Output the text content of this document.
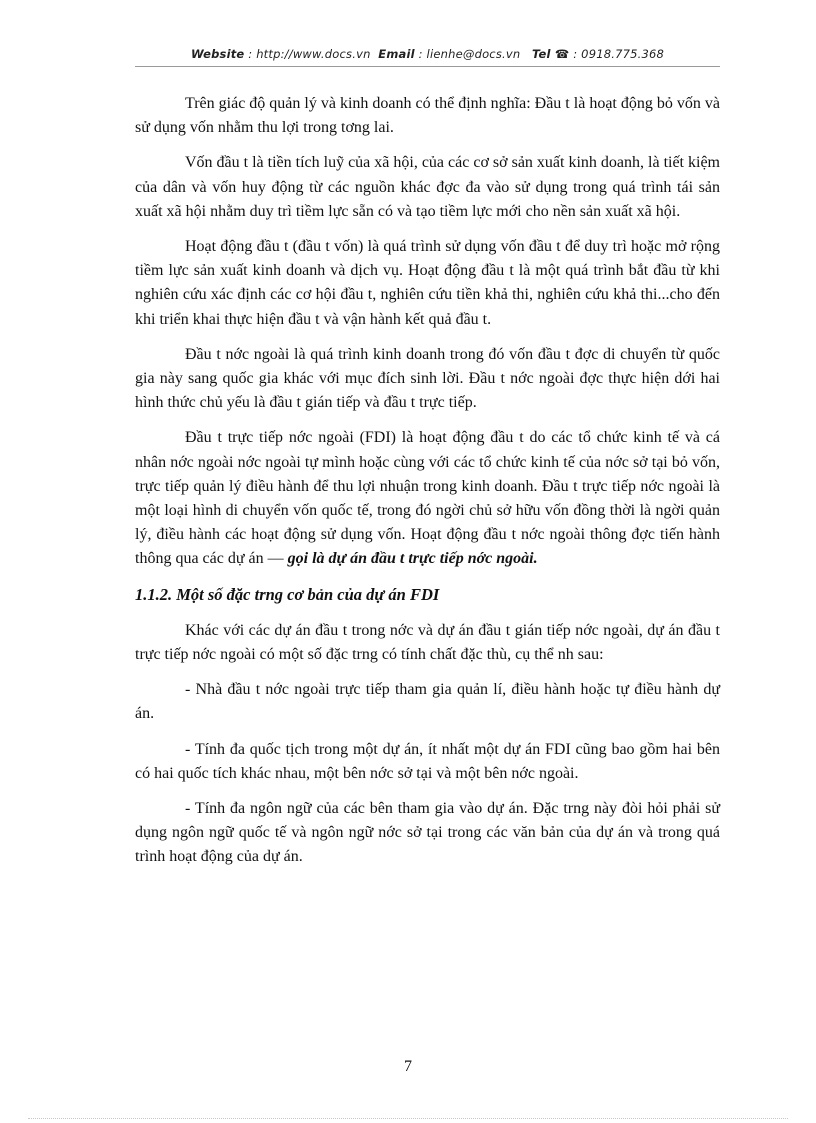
Website : http://www.docs.vn Email : lienhe@docs.vn Tel ☎ : 0918.775.368

Trên giác độ quản lý và kinh doanh có thể định nghĩa: Đầu t là hoạt động bỏ vốn và sử dụng vốn nhằm thu lợi trong tơng lai.

Vốn đầu t là tiền tích luỹ của xã hội, của các cơ sở sản xuất kinh doanh, là tiết kiệm của dân và vốn huy động từ các nguồn khác đợc đa vào sử dụng trong quá trình tái sản xuất xã hội nhằm duy trì tiềm lực sẵn có và tạo tiềm lực mới cho nền sản xuất xã hội.

Hoạt động đầu t (đầu t vốn) là quá trình sử dụng vốn đầu t để duy trì hoặc mở rộng tiềm lực sản xuất kinh doanh và dịch vụ. Hoạt động đầu t là một quá trình bắt đầu từ khi nghiên cứu xác định các cơ hội đầu t, nghiên cứu tiền khả thi, nghiên cứu khả thi...cho đến khi triển khai thực hiện đầu t và vận hành kết quả đầu t.

Đầu t nớc ngoài là quá trình kinh doanh trong đó vốn đầu t đợc di chuyển từ quốc gia này sang quốc gia khác với mục đích sinh lời. Đầu t nớc ngoài đợc thực hiện dới hai hình thức chủ yếu là đầu t gián tiếp và đầu t trực tiếp.

Đầu t trực tiếp nớc ngoài (FDI) là hoạt động đầu t do các tổ chức kinh tế và cá nhân nớc ngoài nớc ngoài tự mình hoặc cùng với các tổ chức kinh tế của nớc sở tại bỏ vốn, trực tiếp quản lý điều hành để thu lợi nhuận trong kinh doanh. Đầu t trực tiếp nớc ngoài là một loại hình di chuyển vốn quốc tế, trong đó ngời chủ sở hữu vốn đồng thời là ngời quản lý, điều hành các hoạt động sử dụng vốn. Hoạt động đầu t nớc ngoài thông đợc tiến hành thông qua các dự án — gọi là dự án đầu t trực tiếp nớc ngoài.

1.1.2. Một số đặc trng cơ bản của dự án FDI

Khác với các dự án đầu t trong nớc và dự án đầu t gián tiếp nớc ngoài, dự án đầu t trực tiếp nớc ngoài có một số đặc trng có tính chất đặc thù, cụ thể nh sau:

- Nhà đầu t nớc ngoài trực tiếp tham gia quản lí, điều hành hoặc tự điều hành dự án.

- Tính đa quốc tịch trong một dự án, ít nhất một dự án FDI cũng bao gồm hai bên có hai quốc tích khác nhau, một bên nớc sở tại và một bên nớc ngoài.

- Tính đa ngôn ngữ của các bên tham gia vào dự án. Đặc trng này đòi hỏi phải sử dụng ngôn ngữ quốc tế và ngôn ngữ nớc sở tại trong các văn bản của dự án và trong quá trình hoạt động của dự án.

7
